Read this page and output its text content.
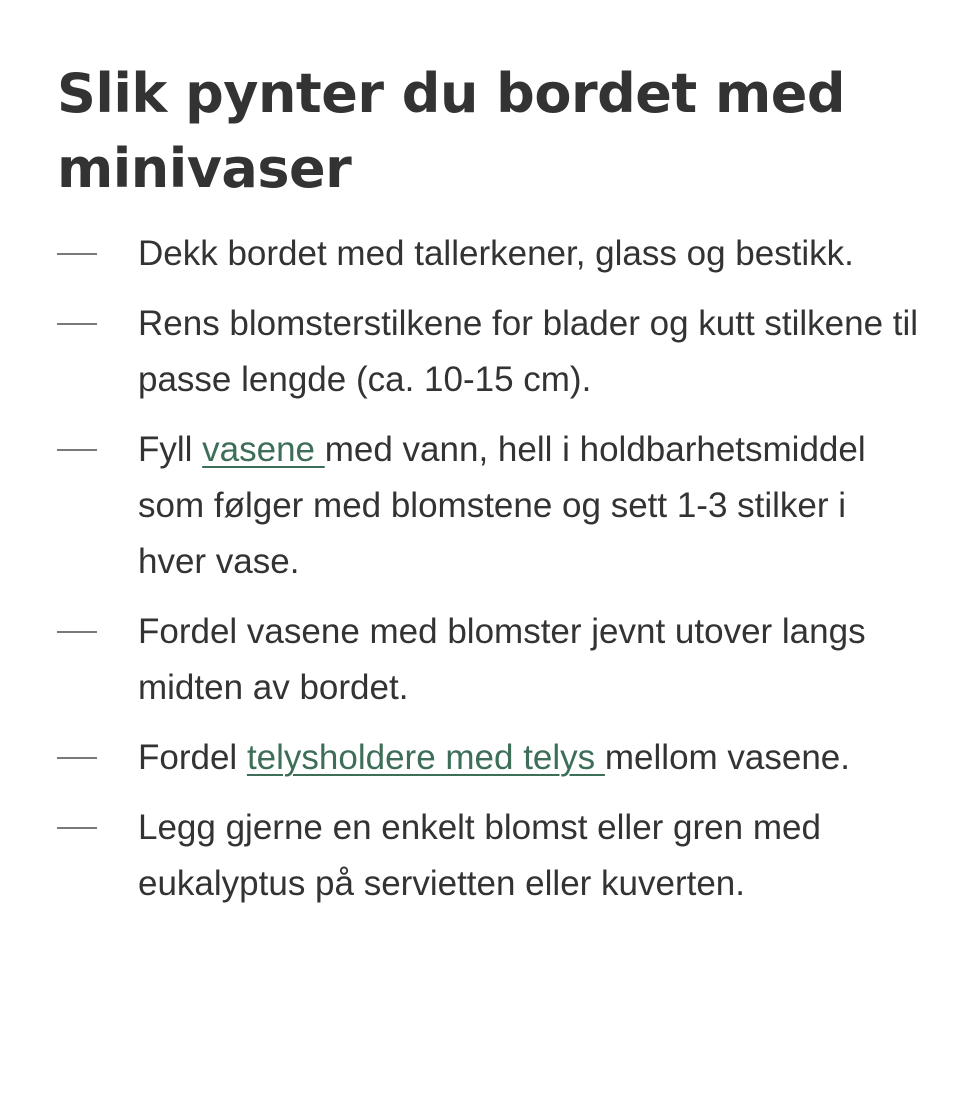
Slik pynter du bordet med minivaser
Dekk bordet med tallerkener, glass og bestikk.
Rens blomsterstilkene for blader og kutt stilkene til passe lengde (ca. 10-15 cm).
Fyll vasene med vann, hell i holdbarhetsmiddel som følger med blomstene og sett 1-3 stilker i hver vase.
Fordel vasene med blomster jevnt utover langs midten av bordet.
Fordel telysholdere med telys mellom vasene.
Legg gjerne en enkelt blomst eller gren med eukalyptus på servietten eller kuverten.
